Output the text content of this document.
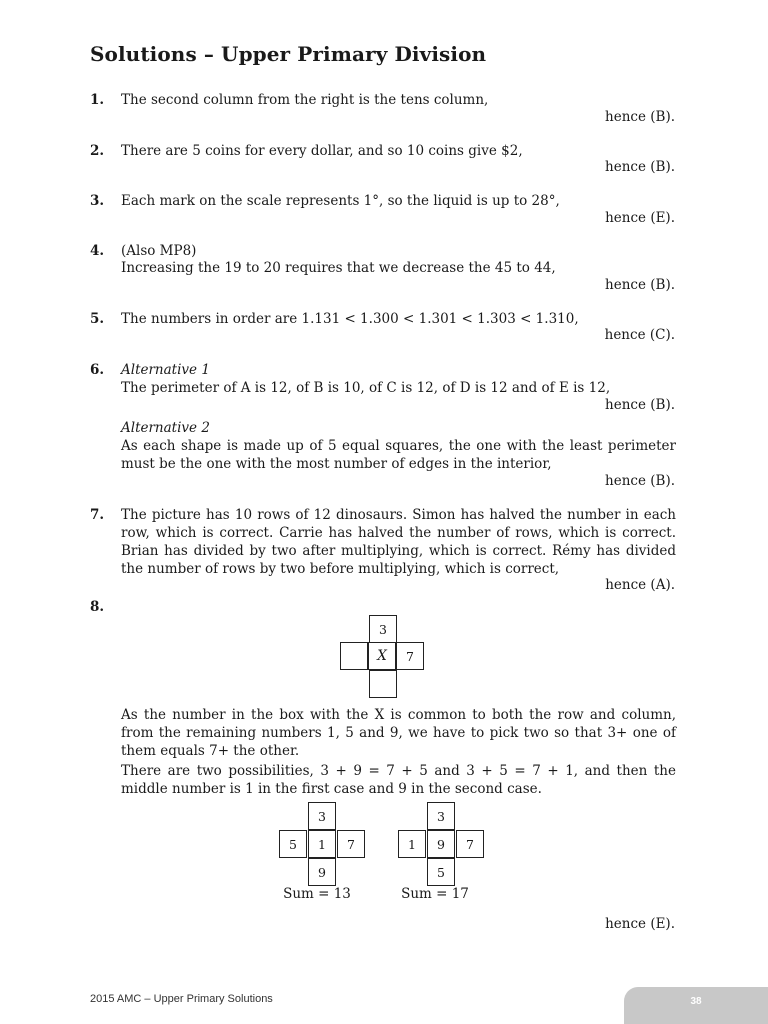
Solutions – Upper Primary Division
1. The second column from the right is the tens column,
hence (B).
2. There are 5 coins for every dollar, and so 10 coins give $2,
hence (B).
3. Each mark on the scale represents 1°, so the liquid is up to 28°,
hence (E).
4. (Also MP8)
Increasing the 19 to 20 requires that we decrease the 45 to 44,
hence (B).
5. The numbers in order are 1.131 < 1.300 < 1.301 < 1.303 < 1.310,
hence (C).
6. Alternative 1
The perimeter of A is 12, of B is 10, of C is 12, of D is 12 and of E is 12,
hence (B).
Alternative 2
As each shape is made up of 5 equal squares, the one with the least perimeter must be the one with the most number of edges in the interior,
hence (B).
7. The picture has 10 rows of 12 dinosaurs. Simon has halved the number in each row, which is correct. Carrie has halved the number of rows, which is correct. Brian has divided by two after multiplying, which is correct. Rémy has divided the number of rows by two before multiplying, which is correct,
hence (A).
8.
3
X	7
As the number in the box with the X is common to both the row and column, from the remaining numbers 1, 5 and 9, we have to pick two so that 3+ one of them equals 7+ the other.
There are two possibilities, 3 + 9 = 7 + 5 and 3 + 5 = 7 + 1, and then the middle number is 1 in the first case and 9 in the second case.
3
5	1	7
9
Sum = 13
3
1	9	7
5
Sum = 17
hence (E).
2015 AMC – Upper Primary Solutions	38
